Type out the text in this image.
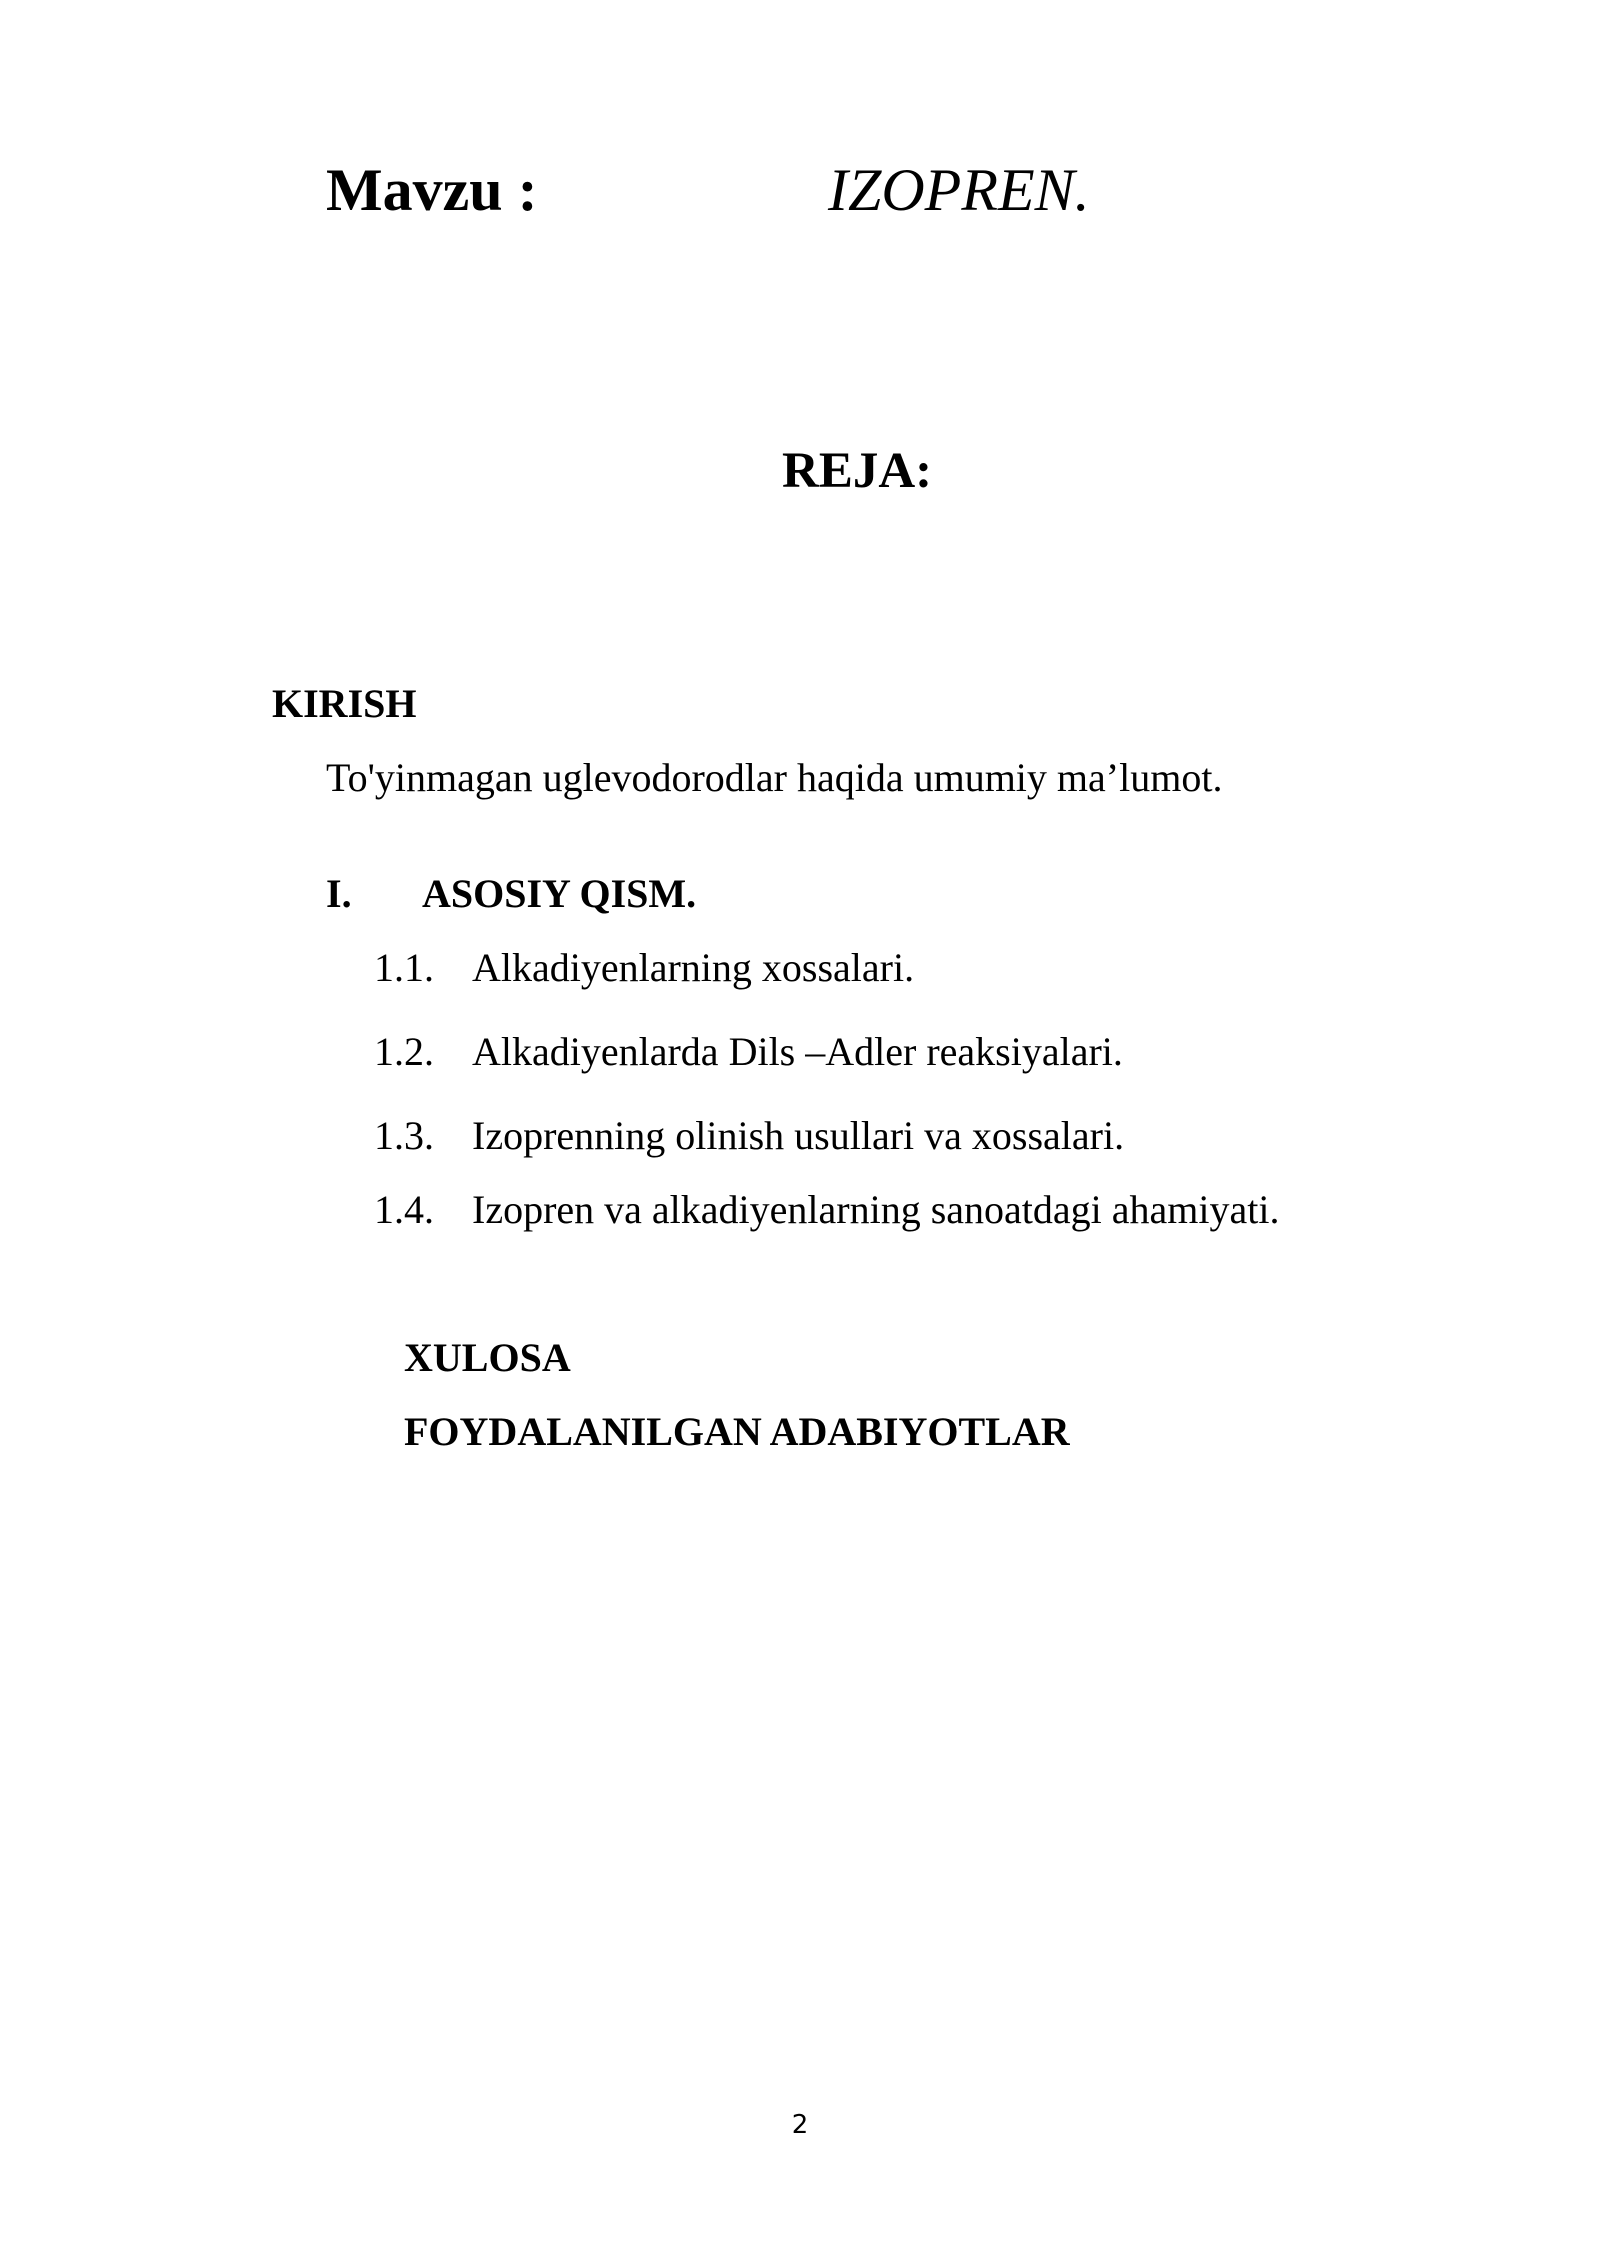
Mavzu :	IZOPREN.
REJA:
KIRISH
To'yinmagan uglevodorodlar haqida umumiy ma’lumot.
I. ASOSIY QISM.
1.1. Alkadiyenlarning xossalari.
1.2. Alkadiyenlarda Dils –Adler reaksiyalari.
1.3. Izoprenning olinish usullari va xossalari.
1.4. Izopren va alkadiyenlarning sanoatdagi ahamiyati.
XULOSA
FOYDALANILGAN ADABIYOTLAR
2
